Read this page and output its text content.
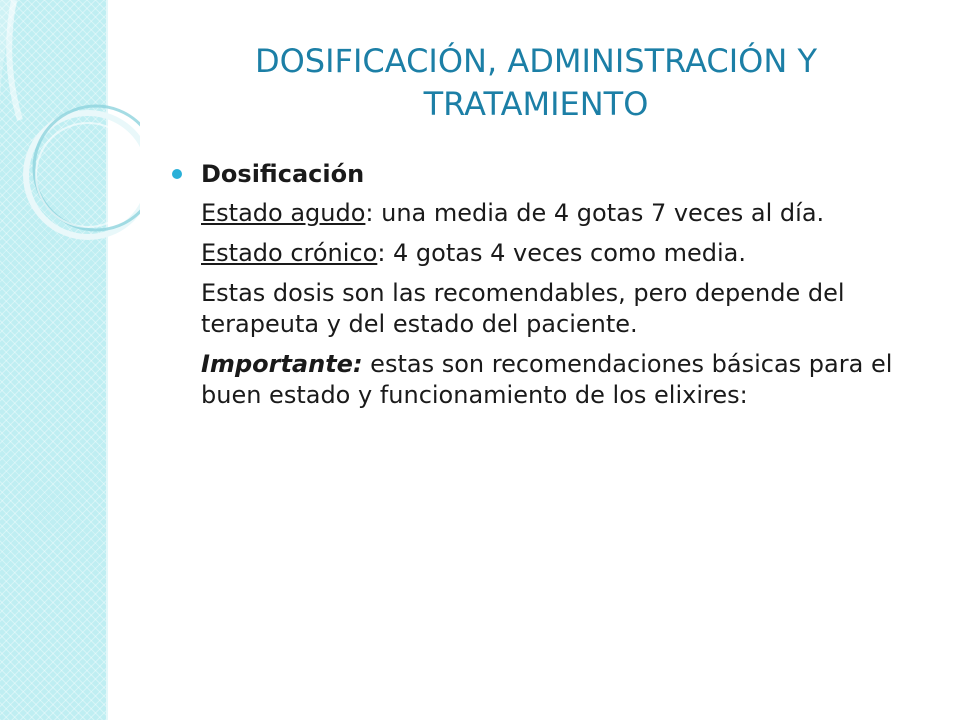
DOSIFICACIÓN, ADMINISTRACIÓN Y TRATAMIENTO
Dosificación

Estado agudo: una media de 4 gotas 7 veces al día.

Estado crónico: 4 gotas 4 veces como media.

Estas dosis son las recomendables, pero depende del terapeuta y del estado del paciente.

Importante: estas son recomendaciones básicas para el buen estado y funcionamiento de los elixires:
